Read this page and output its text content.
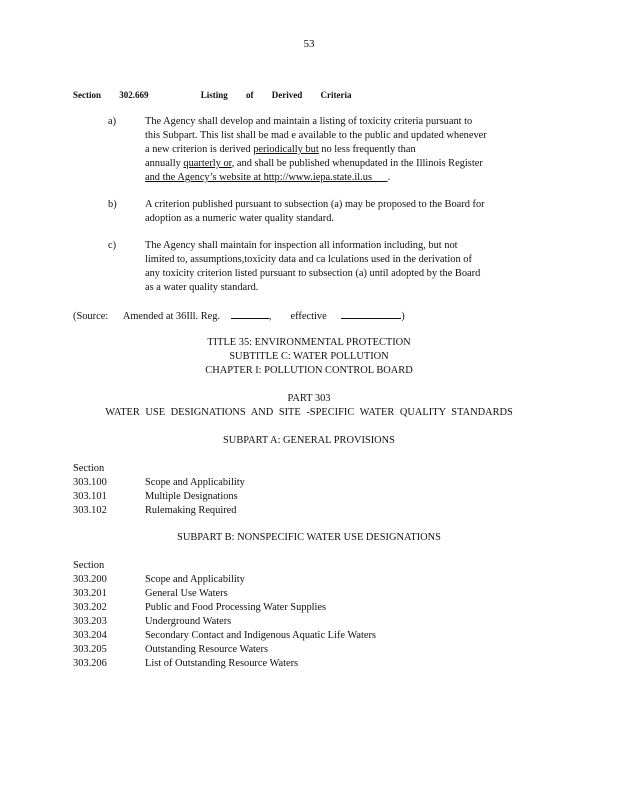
53
Section 302.669	Listing of Derived Criteria
a)	The Agency shall develop and maintain a listing of toxicity criteria pursuant to
this Subpart. This list shall be mad e available to the public and updated whenever
a new criterion is derived periodically but no less frequently than
annually quarterly or, and shall be published whenupdated in the Illinois Register
and the Agency’s website at http://www.iepa.state.il.us      .
b)	A criterion published pursuant to subsection (a) may be proposed to the Board for
adoption as a numeric water quality standard.
c)	The Agency shall maintain for inspection all information including, but not
limited to, assumptions,toxicity data and ca lculations used in the derivation of
any toxicity criterion listed pursuant to subsection (a) until adopted by the Board
as a water quality standard.
(Source: Amended at 36Ill. Reg.	, effective	)
TITLE 35: ENVIRONMENTAL PROTECTION
SUBTITLE C: WATER POLLUTION
CHAPTER I: POLLUTION CONTROL BOARD
PART 303
WATER USE DESIGNATIONS AND SITE -SPECIFIC WATER QUALITY STANDARDS
SUBPART A: GENERAL PROVISIONS
Section
303.100	Scope and Applicability
303.101	Multiple Designations
303.102	Rulemaking Required
SUBPART B: NONSPECIFIC WATER USE DESIGNATIONS
Section
303.200	Scope and Applicability
303.201	General Use Waters
303.202	Public and Food Processing Water Supplies
303.203	Underground Waters
303.204	Secondary Contact and Indigenous Aquatic Life Waters
303.205	Outstanding Resource Waters
303.206	List of Outstanding Resource Waters
